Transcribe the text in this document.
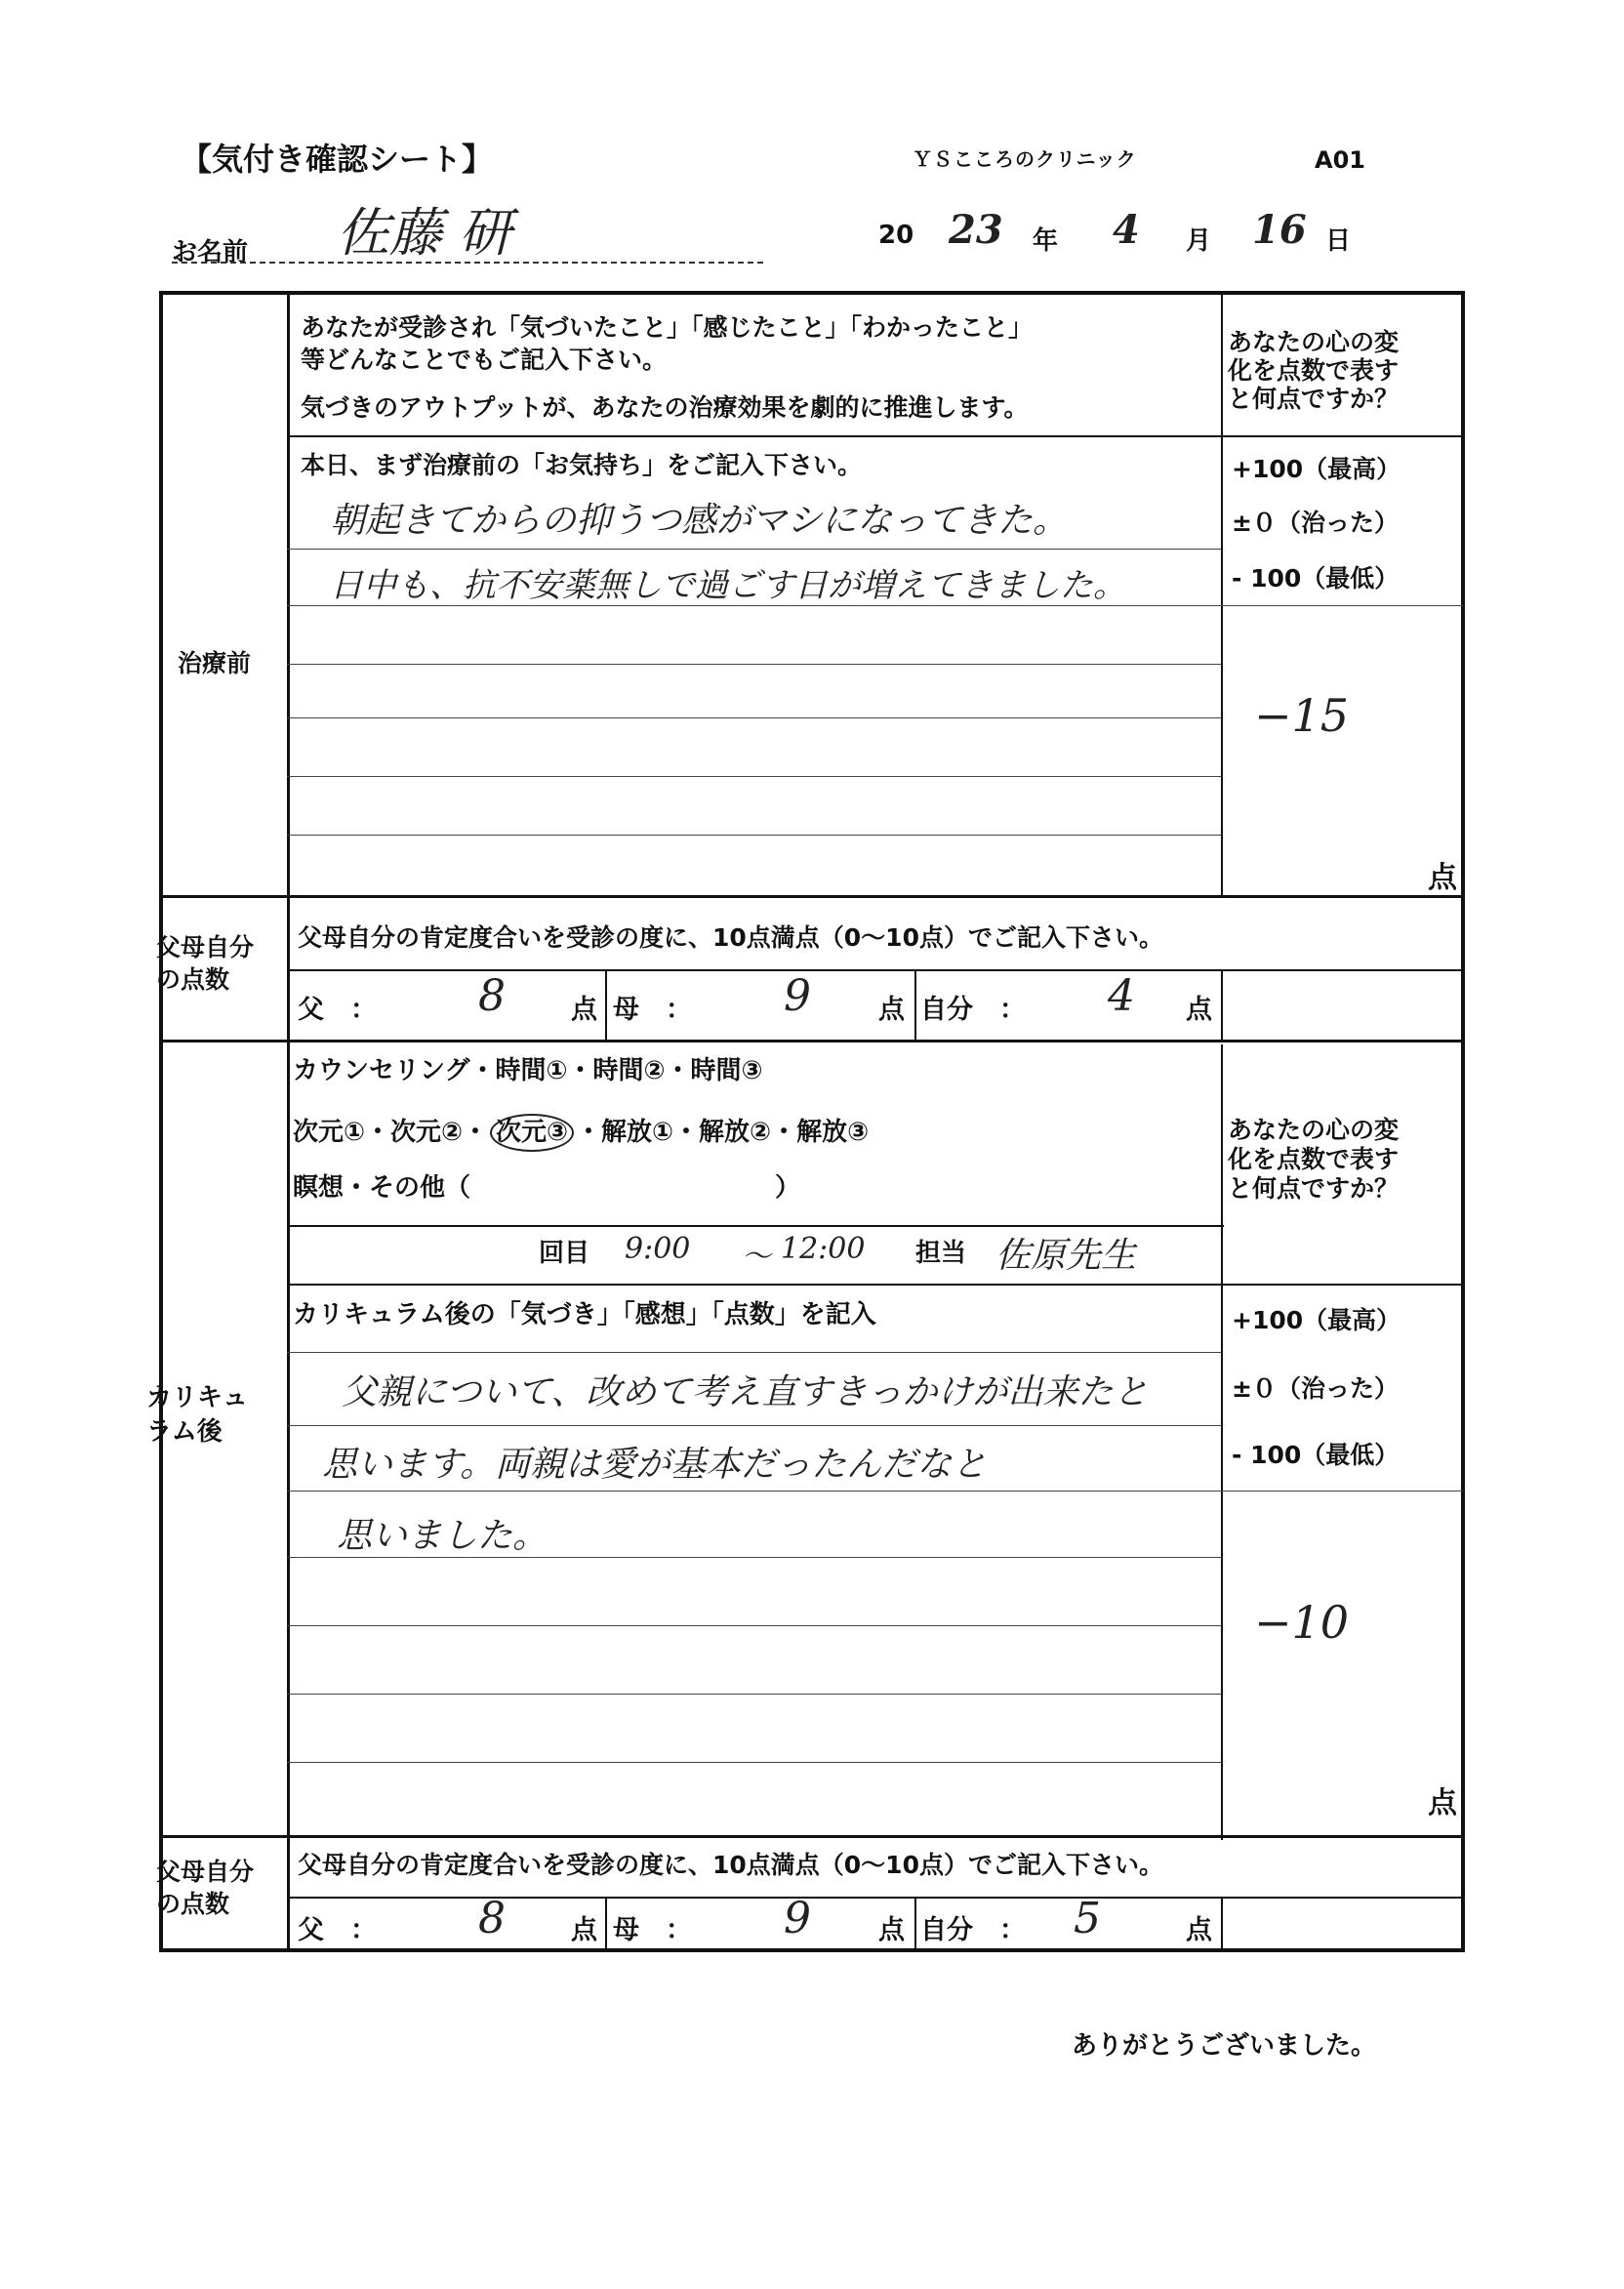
【気付き確認シート】	ＹＳこころのクリニック	A01
お名前 佐藤 研	20 23 年 4 月 16 日
あなたが受診され「気づいたこと」「感じたこと」「わかったこと」
等どんなことでもご記入下さい。
気づきのアウトプットが、あなたの治療効果を劇的に推進します。
あなたの心の変
化を点数で表す
と何点ですか？
治療前
本日、まず治療前の「お気持ち」をご記入下さい。
朝起きてからの抑うつ感がマシになってきた。
日中も、抗不安薬無しで過ごす日が増えてきました。
+100（最高）
±０（治った）
- 100（最低）
−15
点
父母自分
の点数
父母自分の肯定度合いを受診の度に、10点満点（0〜10点）でご記入下さい。
父　： 8 点 母　： 9	点 自分　： 4 点
カリキュ
ラム後
カウンセリング・時間①・時間②・時間③
次元①・次元②・ 次元③ ・解放①・解放②・解放③
瞑想・その他（　　　　　　　　　　　　）
あなたの心の変
化を点数で表す
と何点ですか？
回目 9:00 〜 12:00 担当 佐原先生
カリキュラム後の「気づき」「感想」「点数」を記入
父親について、改めて考え直すきっかけが出来たと
思います。両親は愛が基本だったんだなと
思いました。
+100（最高）
±０（治った）
- 100（最低）
−10
点
父母自分
の点数
父母自分の肯定度合いを受診の度に、10点満点（0〜10点）でご記入下さい。
父　： 8 点 母　： 9	点 自分　： 5	点
ありがとうございました。
